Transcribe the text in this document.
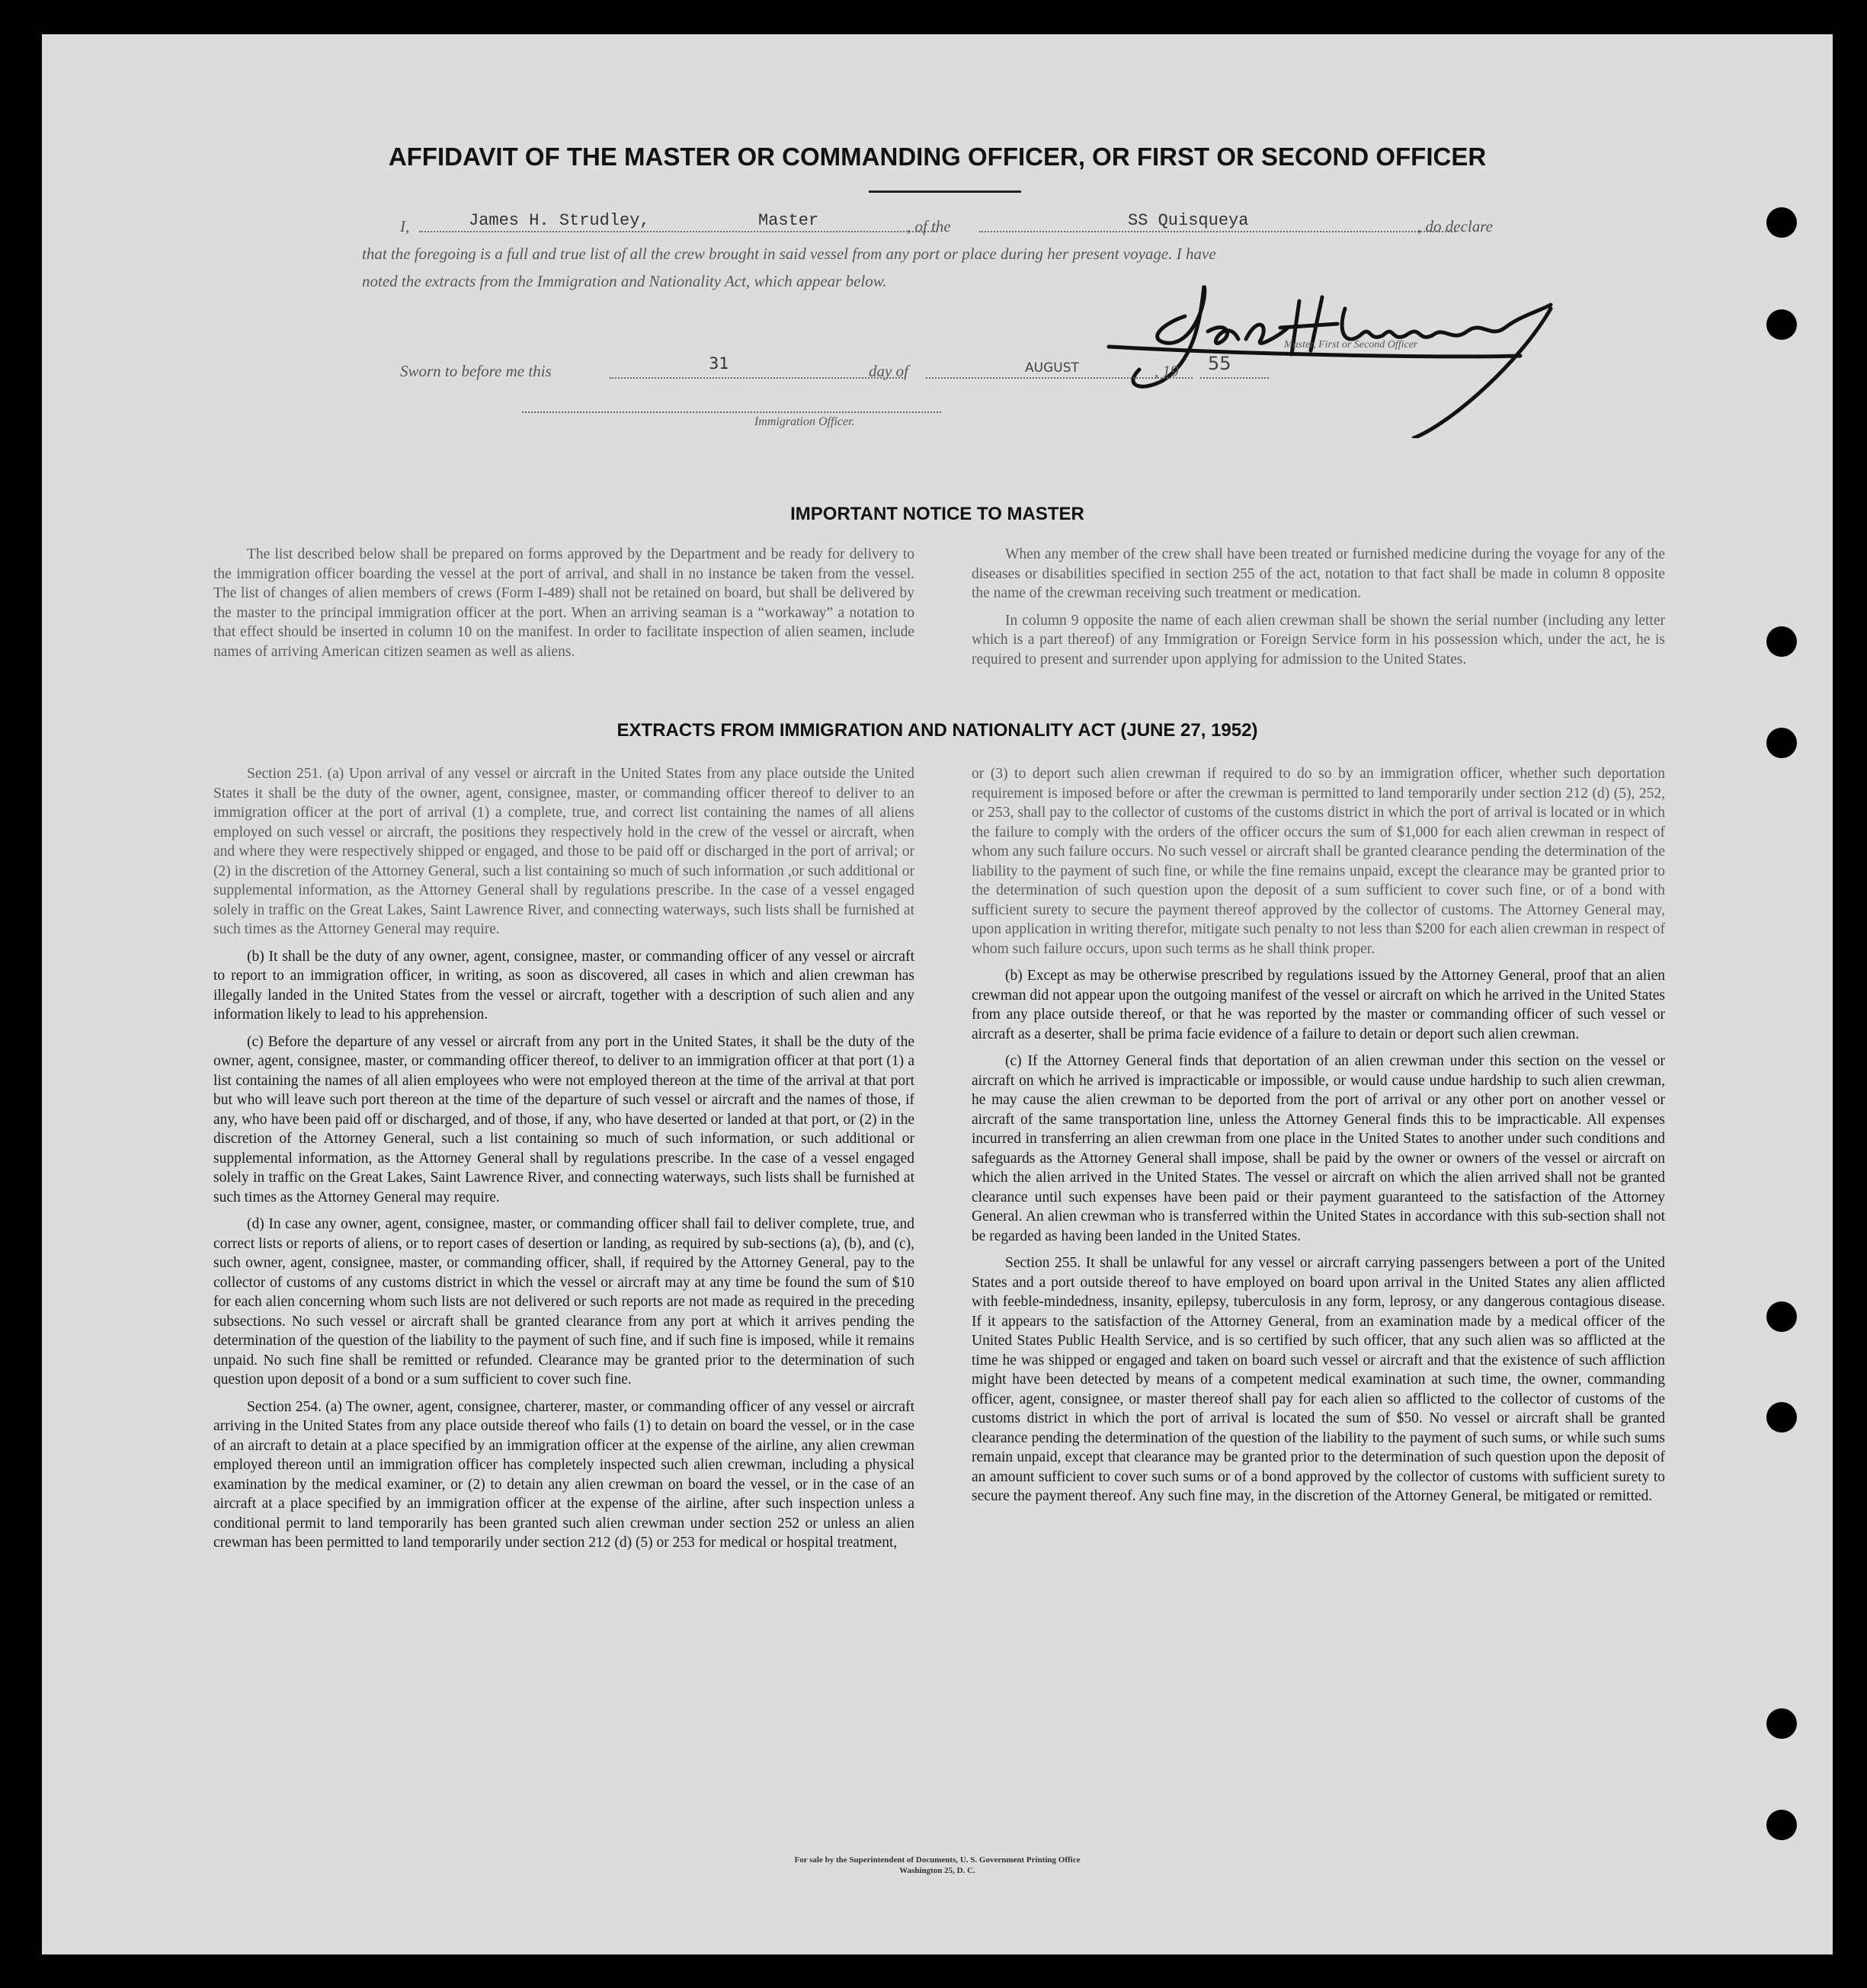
AFFIDAVIT OF THE MASTER OR COMMANDING OFFICER, OR FIRST OR SECOND OFFICER
I,	James H. Strudley,	Master	, of the	SS Quisqueya	, do declare
that the foregoing is a full and true list of all the crew brought in said vessel from any port or place during her present voyage. I have
noted the extracts from the Immigration and Nationality Act, which appear below.
Master, First or Second Officer
Sworn to before me this	31	day of	AUGUST	, 19 55
Immigration Officer.
IMPORTANT NOTICE TO MASTER

The list described below shall be prepared on forms approved by the Department and be ready for delivery to the immigration officer boarding the vessel at the port of arrival, and shall in no instance be taken from the vessel. The list of changes of alien members of crews (Form I-489) shall not be retained on board, but shall be delivered by the master to the principal immigration officer at the port. When an arriving seaman is a “workaway” a notation to that effect should be inserted in column 10 on the manifest. In order to facilitate inspection of alien seamen, include names of arriving American citizen seamen as well as aliens.

When any member of the crew shall have been treated or furnished medicine during the voyage for any of the diseases or disabilities specified in section 255 of the act, notation to that fact shall be made in column 8 opposite the name of the crewman receiving such treatment or medication.

In column 9 opposite the name of each alien crewman shall be shown the serial number (including any letter which is a part thereof) of any Immigration or Foreign Service form in his possession which, under the act, he is required to present and surrender upon applying for admission to the United States.

EXTRACTS FROM IMMIGRATION AND NATIONALITY ACT (JUNE 27, 1952)

Section 251. (a) Upon arrival of any vessel or aircraft in the United States from any place outside the United States it shall be the duty of the owner, agent, consignee, master, or commanding officer thereof to deliver to an immigration officer at the port of arrival (1) a complete, true, and correct list containing the names of all aliens employed on such vessel or aircraft, the positions they respectively hold in the crew of the vessel or aircraft, when and where they were respectively shipped or engaged, and those to be paid off or discharged in the port of arrival; or (2) in the discretion of the Attorney General, such a list containing so much of such information ,or such additional or supplemental information, as the Attorney General shall by regulations prescribe. In the case of a vessel engaged solely in traffic on the Great Lakes, Saint Lawrence River, and connecting waterways, such lists shall be furnished at such times as the Attorney General may require.

(b) It shall be the duty of any owner, agent, consignee, master, or commanding officer of any vessel or aircraft to report to an immigration officer, in writing, as soon as discovered, all cases in which and alien crewman has illegally landed in the United States from the vessel or aircraft, together with a description of such alien and any information likely to lead to his apprehension.

(c) Before the departure of any vessel or aircraft from any port in the United States, it shall be the duty of the owner, agent, consignee, master, or commanding officer thereof, to deliver to an immigration officer at that port (1) a list containing the names of all alien employees who were not employed thereon at the time of the arrival at that port but who will leave such port thereon at the time of the departure of such vessel or aircraft and the names of those, if any, who have been paid off or discharged, and of those, if any, who have deserted or landed at that port, or (2) in the discretion of the Attorney General, such a list containing so much of such information, or such additional or supplemental information, as the Attorney General shall by regulations prescribe. In the case of a vessel engaged solely in traffic on the Great Lakes, Saint Lawrence River, and connecting waterways, such lists shall be furnished at such times as the Attorney General may require.

(d) In case any owner, agent, consignee, master, or commanding officer shall fail to deliver complete, true, and correct lists or reports of aliens, or to report cases of desertion or landing, as required by sub-sections (a), (b), and (c), such owner, agent, consignee, master, or commanding officer, shall, if required by the Attorney General, pay to the collector of customs of any customs district in which the vessel or aircraft may at any time be found the sum of $10 for each alien concerning whom such lists are not delivered or such reports are not made as required in the preceding subsections. No such vessel or aircraft shall be granted clearance from any port at which it arrives pending the determination of the question of the liability to the payment of such fine, and if such fine is imposed, while it remains unpaid. No such fine shall be remitted or refunded. Clearance may be granted prior to the determination of such question upon deposit of a bond or a sum sufficient to cover such fine.

Section 254. (a) The owner, agent, consignee, charterer, master, or commanding officer of any vessel or aircraft arriving in the United States from any place outside thereof who fails (1) to detain on board the vessel, or in the case of an aircraft to detain at a place specified by an immigration officer at the expense of the airline, any alien crewman employed thereon until an immigration officer has completely inspected such alien crewman, including a physical examination by the medical examiner, or (2) to detain any alien crewman on board the vessel, or in the case of an aircraft at a place specified by an immigration officer at the expense of the airline, after such inspection unless a conditional permit to land temporarily has been granted such alien crewman under section 252 or unless an alien crewman has been permitted to land temporarily under section 212 (d) (5) or 253 for medical or hospital treatment,

or (3) to deport such alien crewman if required to do so by an immigration officer, whether such deportation requirement is imposed before or after the crewman is permitted to land temporarily under section 212 (d) (5), 252, or 253, shall pay to the collector of customs of the customs district in which the port of arrival is located or in which the failure to comply with the orders of the officer occurs the sum of $1,000 for each alien crewman in respect of whom any such failure occurs. No such vessel or aircraft shall be granted clearance pending the determination of the liability to the payment of such fine, or while the fine remains unpaid, except the clearance may be granted prior to the determination of such question upon the deposit of a sum sufficient to cover such fine, or of a bond with sufficient surety to secure the payment thereof approved by the collector of customs. The Attorney General may, upon application in writing therefor, mitigate such penalty to not less than $200 for each alien crewman in respect of whom such failure occurs, upon such terms as he shall think proper.

(b) Except as may be otherwise prescribed by regulations issued by the Attorney General, proof that an alien crewman did not appear upon the outgoing manifest of the vessel or aircraft on which he arrived in the United States from any place outside thereof, or that he was reported by the master or commanding officer of such vessel or aircraft as a deserter, shall be prima facie evidence of a failure to detain or deport such alien crewman.

(c) If the Attorney General finds that deportation of an alien crewman under this section on the vessel or aircraft on which he arrived is impracticable or impossible, or would cause undue hardship to such alien crewman, he may cause the alien crewman to be deported from the port of arrival or any other port on another vessel or aircraft of the same transportation line, unless the Attorney General finds this to be impracticable. All expenses incurred in transferring an alien crewman from one place in the United States to another under such conditions and safeguards as the Attorney General shall impose, shall be paid by the owner or owners of the vessel or aircraft on which the alien arrived in the United States. The vessel or aircraft on which the alien arrived shall not be granted clearance until such expenses have been paid or their payment guaranteed to the satisfaction of the Attorney General. An alien crewman who is transferred within the United States in accordance with this sub-section shall not be regarded as having been landed in the United States.

Section 255. It shall be unlawful for any vessel or aircraft carrying passengers between a port of the United States and a port outside thereof to have employed on board upon arrival in the United States any alien afflicted with feeble-mindedness, insanity, epilepsy, tuberculosis in any form, leprosy, or any dangerous contagious disease. If it appears to the satisfaction of the Attorney General, from an examination made by a medical officer of the United States Public Health Service, and is so certified by such officer, that any such alien was so afflicted at the time he was shipped or engaged and taken on board such vessel or aircraft and that the existence of such affliction might have been detected by means of a competent medical examination at such time, the owner, commanding officer, agent, consignee, or master thereof shall pay for each alien so afflicted to the collector of customs of the customs district in which the port of arrival is located the sum of $50. No vessel or aircraft shall be granted clearance pending the determination of the question of the liability to the payment of such sums, or while such sums remain unpaid, except that clearance may be granted prior to the determination of such question upon the deposit of an amount sufficient to cover such sums or of a bond approved by the collector of customs with sufficient surety to secure the payment thereof. Any such fine may, in the discretion of the Attorney General, be mitigated or remitted.

For sale by the Superintendent of Documents, U. S. Government Printing Office
Washington 25, D. C.
